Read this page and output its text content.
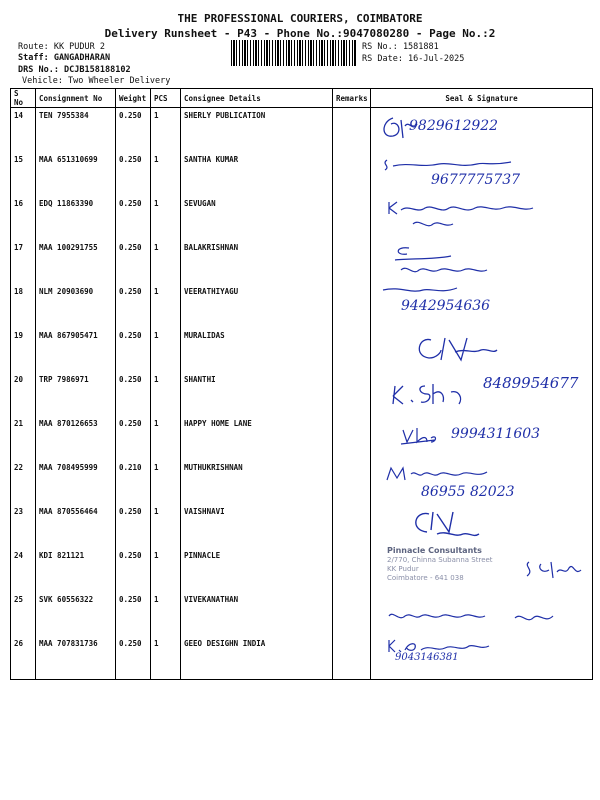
THE PROFESSIONAL COURIERS, COIMBATORE
Delivery Runsheet - P43 - Phone No.:9047080280 - Page No.:2
Route: KK PUDUR 2
Staff: GANGADHARAN
DRS No.: DCJB158188102
Vehicle: Two Wheeler Delivery
RS No.: 1581881
RS Date: 16-Jul-2025
S No	Consignment No	Weight	PCS	Consignee Details	Remarks	Seal & Signature
14	TEN 7955384	0.250	1	SHERLY PUBLICATION		9829612922

15	MAA 651310699	0.250	1	SANTHA KUMAR		9677775737

16	EDQ 11863390	0.250	1	SEVUGAN		

17	MAA 100291755	0.250	1	BALAKRISHNAN		

18	NLM 20903690	0.250	1	VEERATHIYAGU		9442954636

19	MAA 867905471	0.250	1	MURALIDAS		

20	TRP 7986971	0.250	1	SHANTHI		8489954677

21	MAA 870126653	0.250	1	HAPPY HOME LANE		9994311603

22	MAA 708495999	0.210	1	MUTHUKRISHNAN		86955 82023

23	MAA 870556464	0.250	1	VAISHNAVI		

24	KDI 821121	0.250	1	PINNACLE		Pinnacle Consultants
2/770, Chinna Subanna Street
KK Pudur
Coimbatore - 641 038

25	SVK 60556322	0.250	1	VIVEKANATHAN		

26	MAA 707831736	0.250	1	GEEO DESIGHN INDIA		9043146381
